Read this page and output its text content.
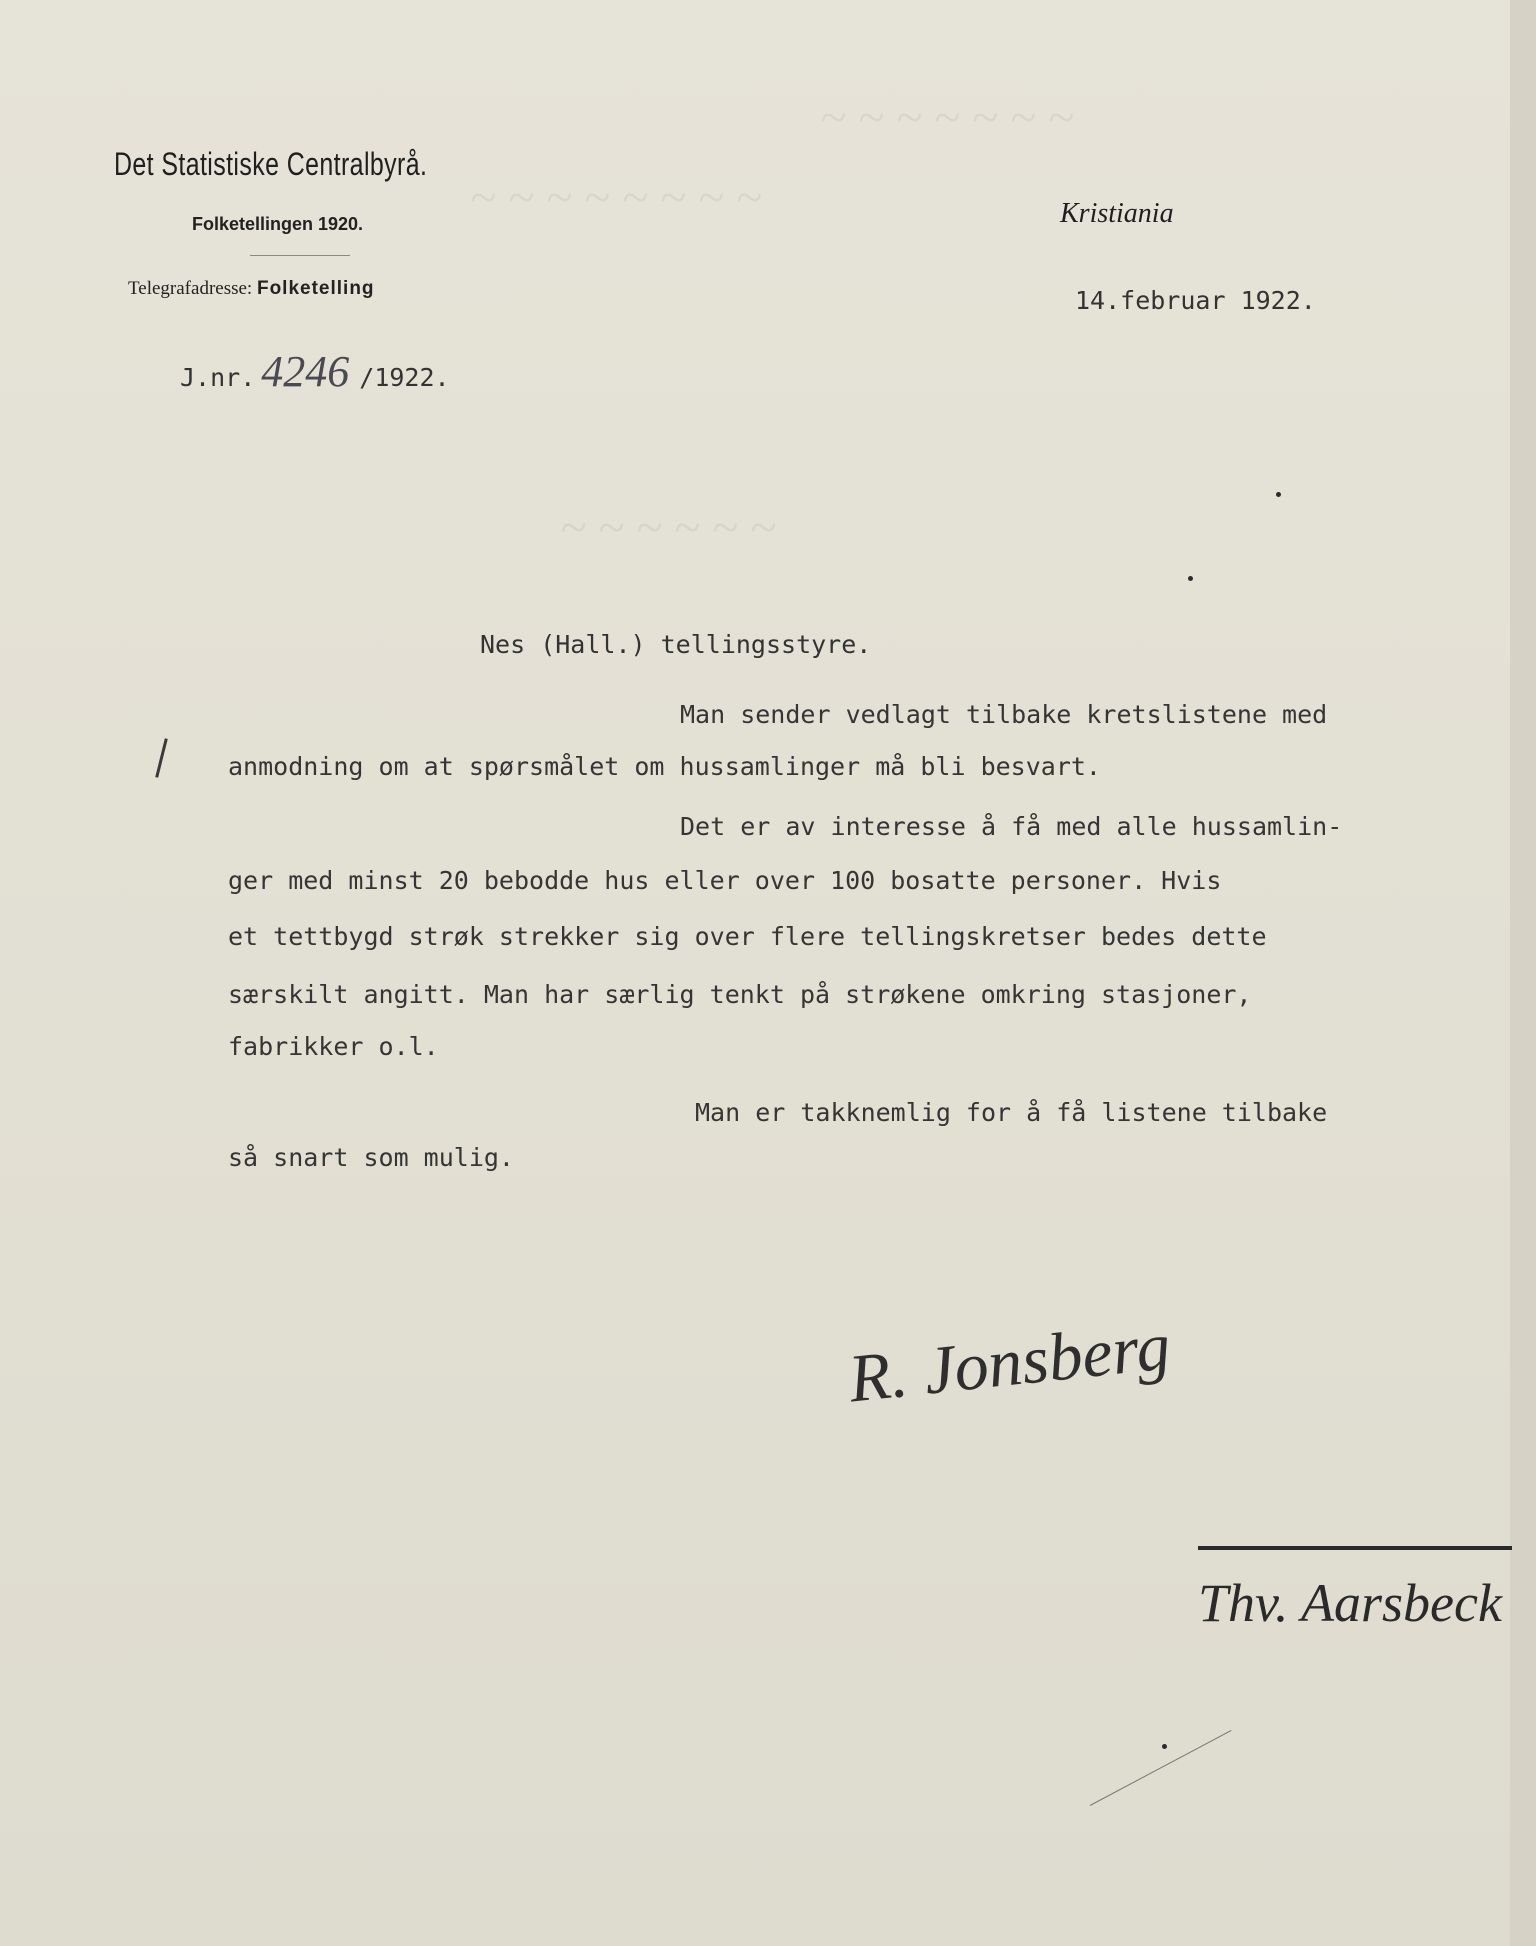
~ ~ ~ ~ ~ ~ ~
~ ~ ~ ~ ~ ~ ~ ~
~ ~ ~ ~ ~ ~
Det Statistiske Centralbyrå.
Folketellingen 1920.
Telegrafadresse: Folketelling
Kristiania
14.februar 1922.
J.nr. 4246 /1922.
Nes (Hall.) tellingsstyre.
Man sender vedlagt tilbake kretslistene med
anmodning om at spørsmålet om hussamlinger må bli besvart.
Det er av interesse å få med alle hussamlin-
ger med minst 20 bebodde hus eller over 100 bosatte personer. Hvis
et tettbygd strøk strekker sig over flere tellingskretser bedes dette
særskilt angitt. Man har særlig tenkt på strøkene omkring stasjoner,
fabrikker o.l.
Man er takknemlig for å få listene tilbake
så snart som mulig.
R. Jonsberg
Thv. Aarsbeck
